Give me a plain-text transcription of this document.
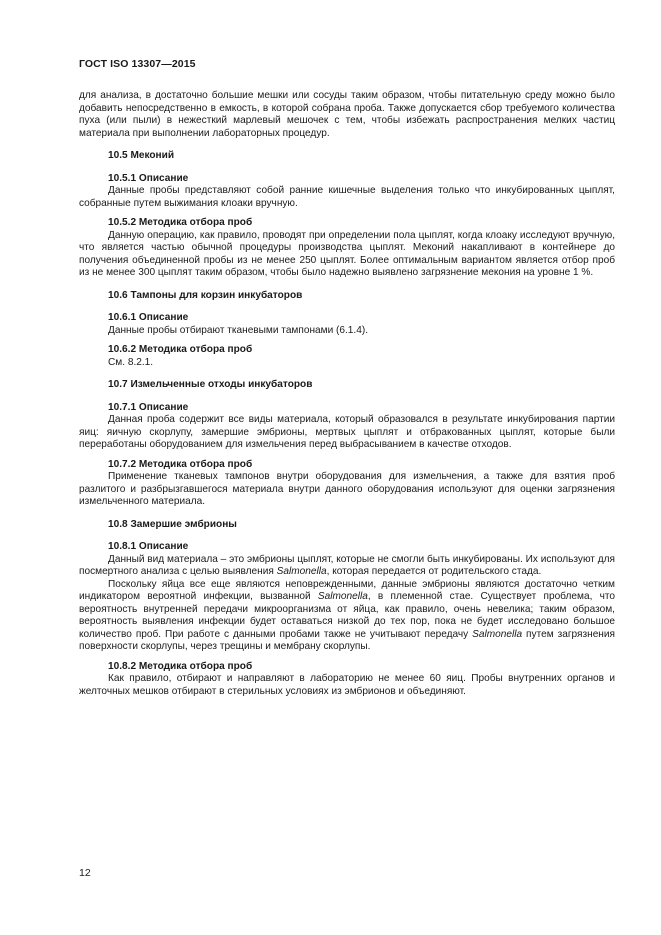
ГОСТ ISO 13307—2015

для анализа, в достаточно большие мешки или сосуды таким образом, чтобы питательную среду можно было добавить непосредственно в емкость, в которой собрана проба. Также допускается сбор требуемого количества пуха (или пыли) в нежесткий марлевый мешочек с тем, чтобы избежать распространения мелких частиц материала при выполнении лабораторных процедур.

10.5 Меконий

10.5.1 Описание

Данные пробы представляют собой ранние кишечные выделения только что инкубированных цыплят, собранные путем выжимания клоаки вручную.

10.5.2 Методика отбора проб

Данную операцию, как правило, проводят при определении пола цыплят, когда клоаку исследуют вручную, что является частью обычной процедуры производства цыплят. Меконий накапливают в контейнере до получения объединенной пробы из не менее 250 цыплят. Более оптимальным вариантом является отбор проб из не менее 300 цыплят таким образом, чтобы было надежно выявлено загрязнение мекония на уровне 1 %.

10.6 Тампоны для корзин инкубаторов

10.6.1 Описание

Данные пробы отбирают тканевыми тампонами (6.1.4).

10.6.2 Методика отбора проб

См. 8.2.1.

10.7 Измельченные отходы инкубаторов

10.7.1 Описание

Данная проба содержит все виды материала, который образовался в результате инкубирования партии яиц: яичную скорлупу, замершие эмбрионы, мертвых цыплят и отбракованных цыплят, которые были переработаны оборудованием для измельчения перед выбрасыванием в качестве отходов.

10.7.2 Методика отбора проб

Применение тканевых тампонов внутри оборудования для измельчения, а также для взятия проб разлитого и разбрызгавшегося материала внутри данного оборудования используют для оценки загрязнения измельченного материала.

10.8 Замершие эмбрионы

10.8.1 Описание

Данный вид материала – это эмбрионы цыплят, которые не смогли быть инкубированы. Их используют для посмертного анализа с целью выявления Salmonella, которая передается от родительского стада.

Поскольку яйца все еще являются неповрежденными, данные эмбрионы являются достаточно четким индикатором вероятной инфекции, вызванной Salmonella, в племенной стае. Существует проблема, что вероятность внутренней передачи микроорганизма от яйца, как правило, очень невелика; таким образом, вероятность выявления инфекции будет оставаться низкой до тех пор, пока не будет исследовано большое количество проб. При работе с данными пробами также не учитывают передачу Salmonella путем загрязнения поверхности скорлупы, через трещины и мембрану скорлупы.

10.8.2 Методика отбора проб

Как правило, отбирают и направляют в лабораторию не менее 60 яиц. Пробы внутренних органов и желточных мешков отбирают в стерильных условиях из эмбрионов и объединяют.

12
